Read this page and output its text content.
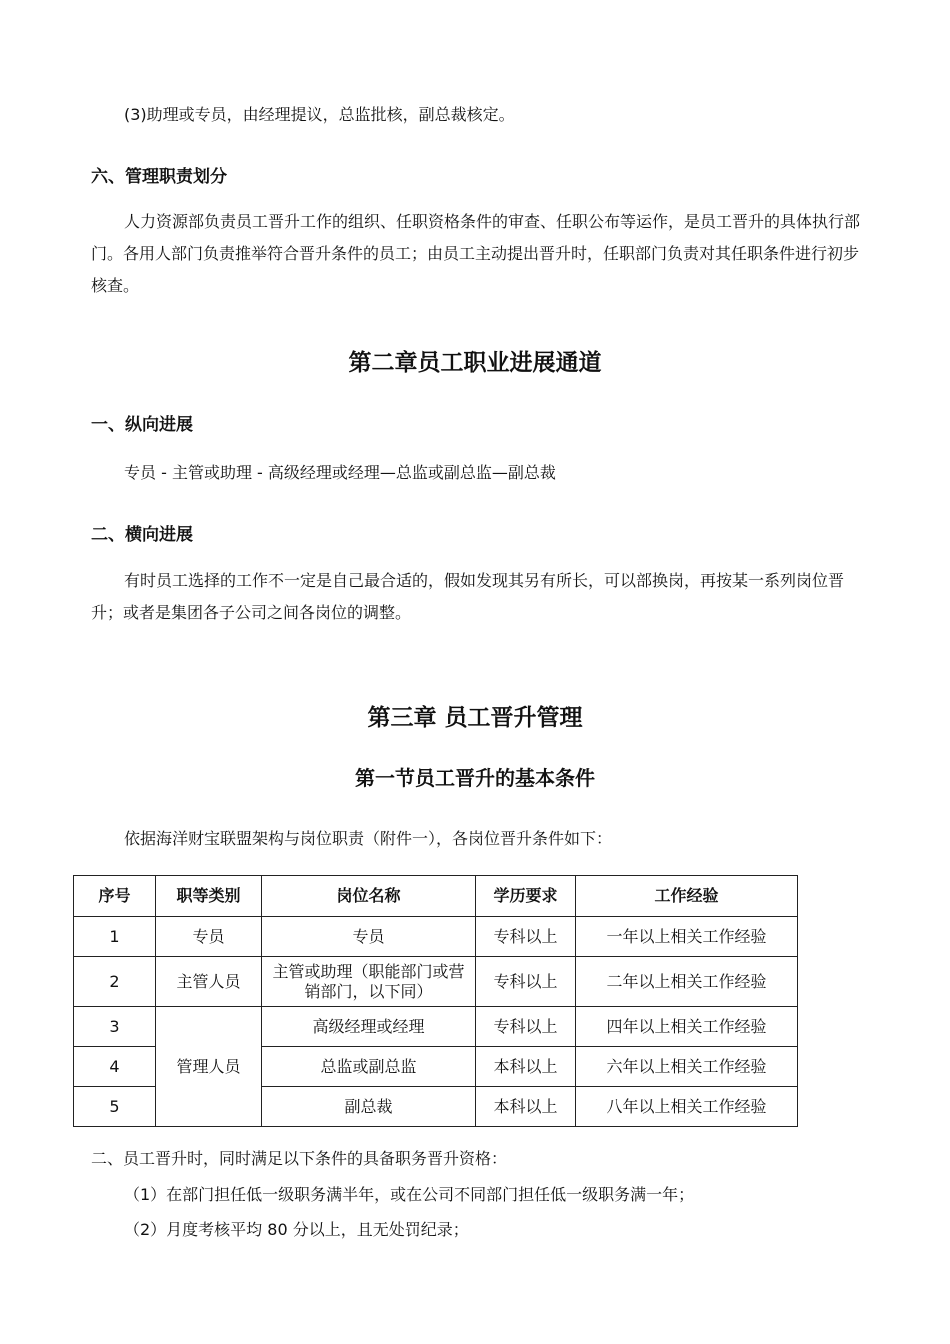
(3)助理或专员，由经理提议，总监批核，副总裁核定。

六、管理职责划分

人力资源部负责员工晋升工作的组织、任职资格条件的审查、任职公布等运作，是员工晋升的具体执行部门。各用人部门负责推举符合晋升条件的员工；由员工主动提出晋升时，任职部门负责对其任职条件进行初步核查。

第二章员工职业进展通道
一、纵向进展

专员 - 主管或助理 - 高级经理或经理—总监或副总监—副总裁

二、横向进展

有时员工选择的工作不一定是自己最合适的，假如发现其另有所长，可以部换岗，再按某一系列岗位晋升；或者是集团各子公司之间各岗位的调整。

第三章 员工晋升管理
第一节员工晋升的基本条件

依据海洋财宝联盟架构与岗位职责（附件一），各岗位晋升条件如下：

序号	职等类别	岗位名称	学历要求	工作经验
1	专员	专员	专科以上	一年以上相关工作经验
2	主管人员	主管或助理（职能部门或营销部门，以下同）	专科以上	二年以上相关工作经验
3	管理人员	高级经理或经理	专科以上	四年以上相关工作经验
4		总监或副总监	本科以上	六年以上相关工作经验
5		副总裁	本科以上	八年以上相关工作经验

二、员工晋升时，同时满足以下条件的具备职务晋升资格：

（1）在部门担任低一级职务满半年，或在公司不同部门担任低一级职务满一年；

（2）月度考核平均 80 分以上，且无处罚纪录；
